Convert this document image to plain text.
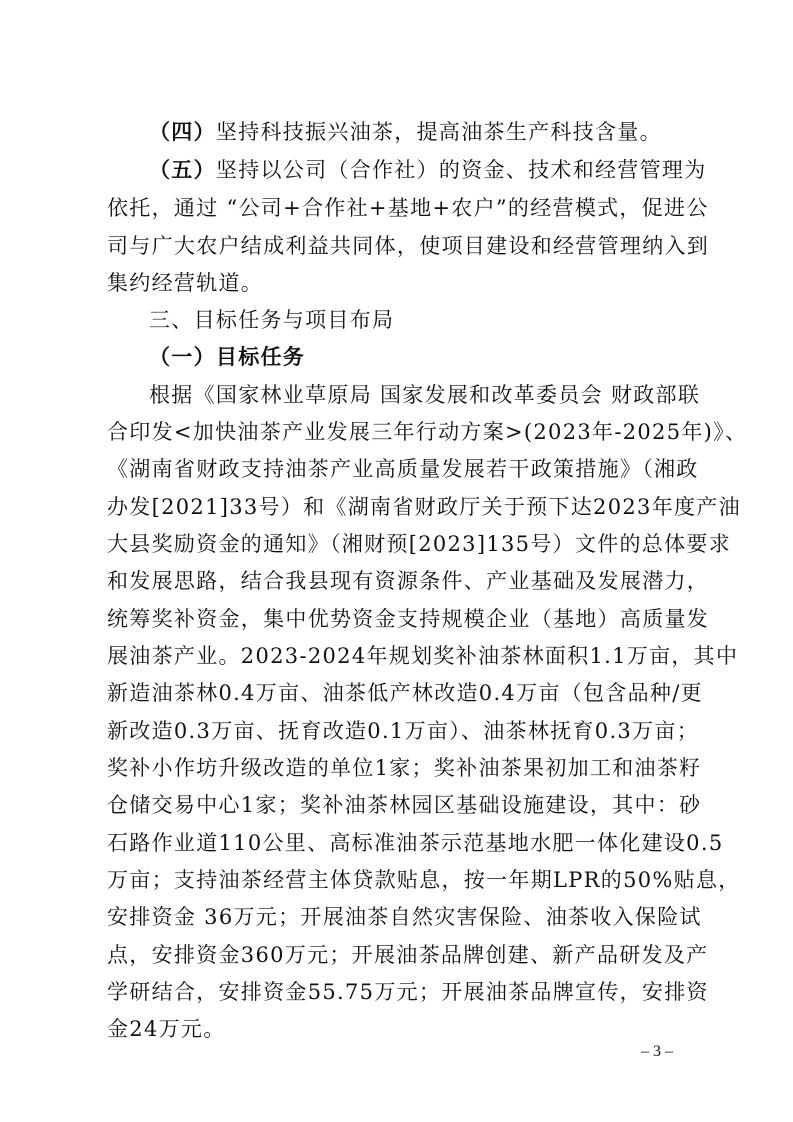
（四）坚持科技振兴油茶，提高油茶生产科技含量。
（五）坚持以公司（合作社）的资金、技术和经营管理为
依托，通过 “公司+合作社+基地+农户”的经营模式，促进公
司与广大农户结成利益共同体，使项目建设和经营管理纳入到
集约经营轨道。
三、目标任务与项目布局
（一）目标任务
根据《国家林业草原局 国家发展和改革委员会 财政部联
合印发<加快油茶产业发展三年行动方案>(2023年-2025年)》、
《湖南省财政支持油茶产业高质量发展若干政策措施》（湘政
办发[2021]33号）和《湖南省财政厅关于预下达2023年度产油
大县奖励资金的通知》（湘财预[2023]135号）文件的总体要求
和发展思路，结合我县现有资源条件、产业基础及发展潜力，
统筹奖补资金，集中优势资金支持规模企业（基地）高质量发
展油茶产业。2023-2024年规划奖补油茶林面积1.1万亩，其中
新造油茶林0.4万亩、油茶低产林改造0.4万亩（包含品种/更
新改造0.3万亩、抚育改造0.1万亩）、油茶林抚育0.3万亩；
奖补小作坊升级改造的单位1家；奖补油茶果初加工和油茶籽
仓储交易中心1家；奖补油茶林园区基础设施建设，其中：砂
石路作业道110公里、高标准油茶示范基地水肥一体化建设0.5
万亩；支持油茶经营主体贷款贴息，按一年期LPR的50%贴息，
安排资金 36万元；开展油茶自然灾害保险、油茶收入保险试
点，安排资金360万元；开展油茶品牌创建、新产品研发及产
学研结合，安排资金55.75万元；开展油茶品牌宣传，安排资
金24万元。
– 3 –
